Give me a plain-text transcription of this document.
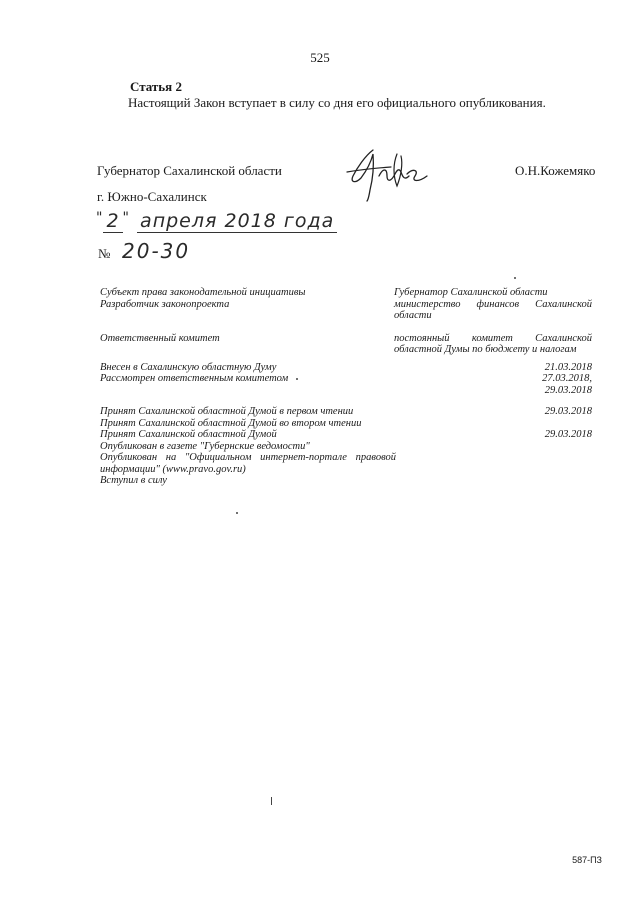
525
Статья 2
Настоящий Закон вступает в силу со дня его официального опубликования.
Губернатор Сахалинской области	О.Н.Кожемяко
г. Южно-Сахалинск
" 2 " апреля 2018 года
№ 20-30
Субъект права законодательной инициативы	Губернатор Сахалинской области
Разработчик законопроекта	министерство финансов Сахалинской
области
Ответственный комитет	постоянный комитет Сахалинской
областной Думы по бюджету и налогам
Внесен в Сахалинскую областную Думу	21.03.2018
Рассмотрен ответственным комитетом	27.03.2018,
29.03.2018
Принят Сахалинской областной Думой в первом чтении	29.03.2018
Принят Сахалинской областной Думой во втором чтении
Принят Сахалинской областной Думой	29.03.2018
Опубликован в газете "Губернские ведомости"
Опубликован на "Официальном интернет-портале правовой информации" (www.pravo.gov.ru)
Вступил в силу
587-ПЗ
